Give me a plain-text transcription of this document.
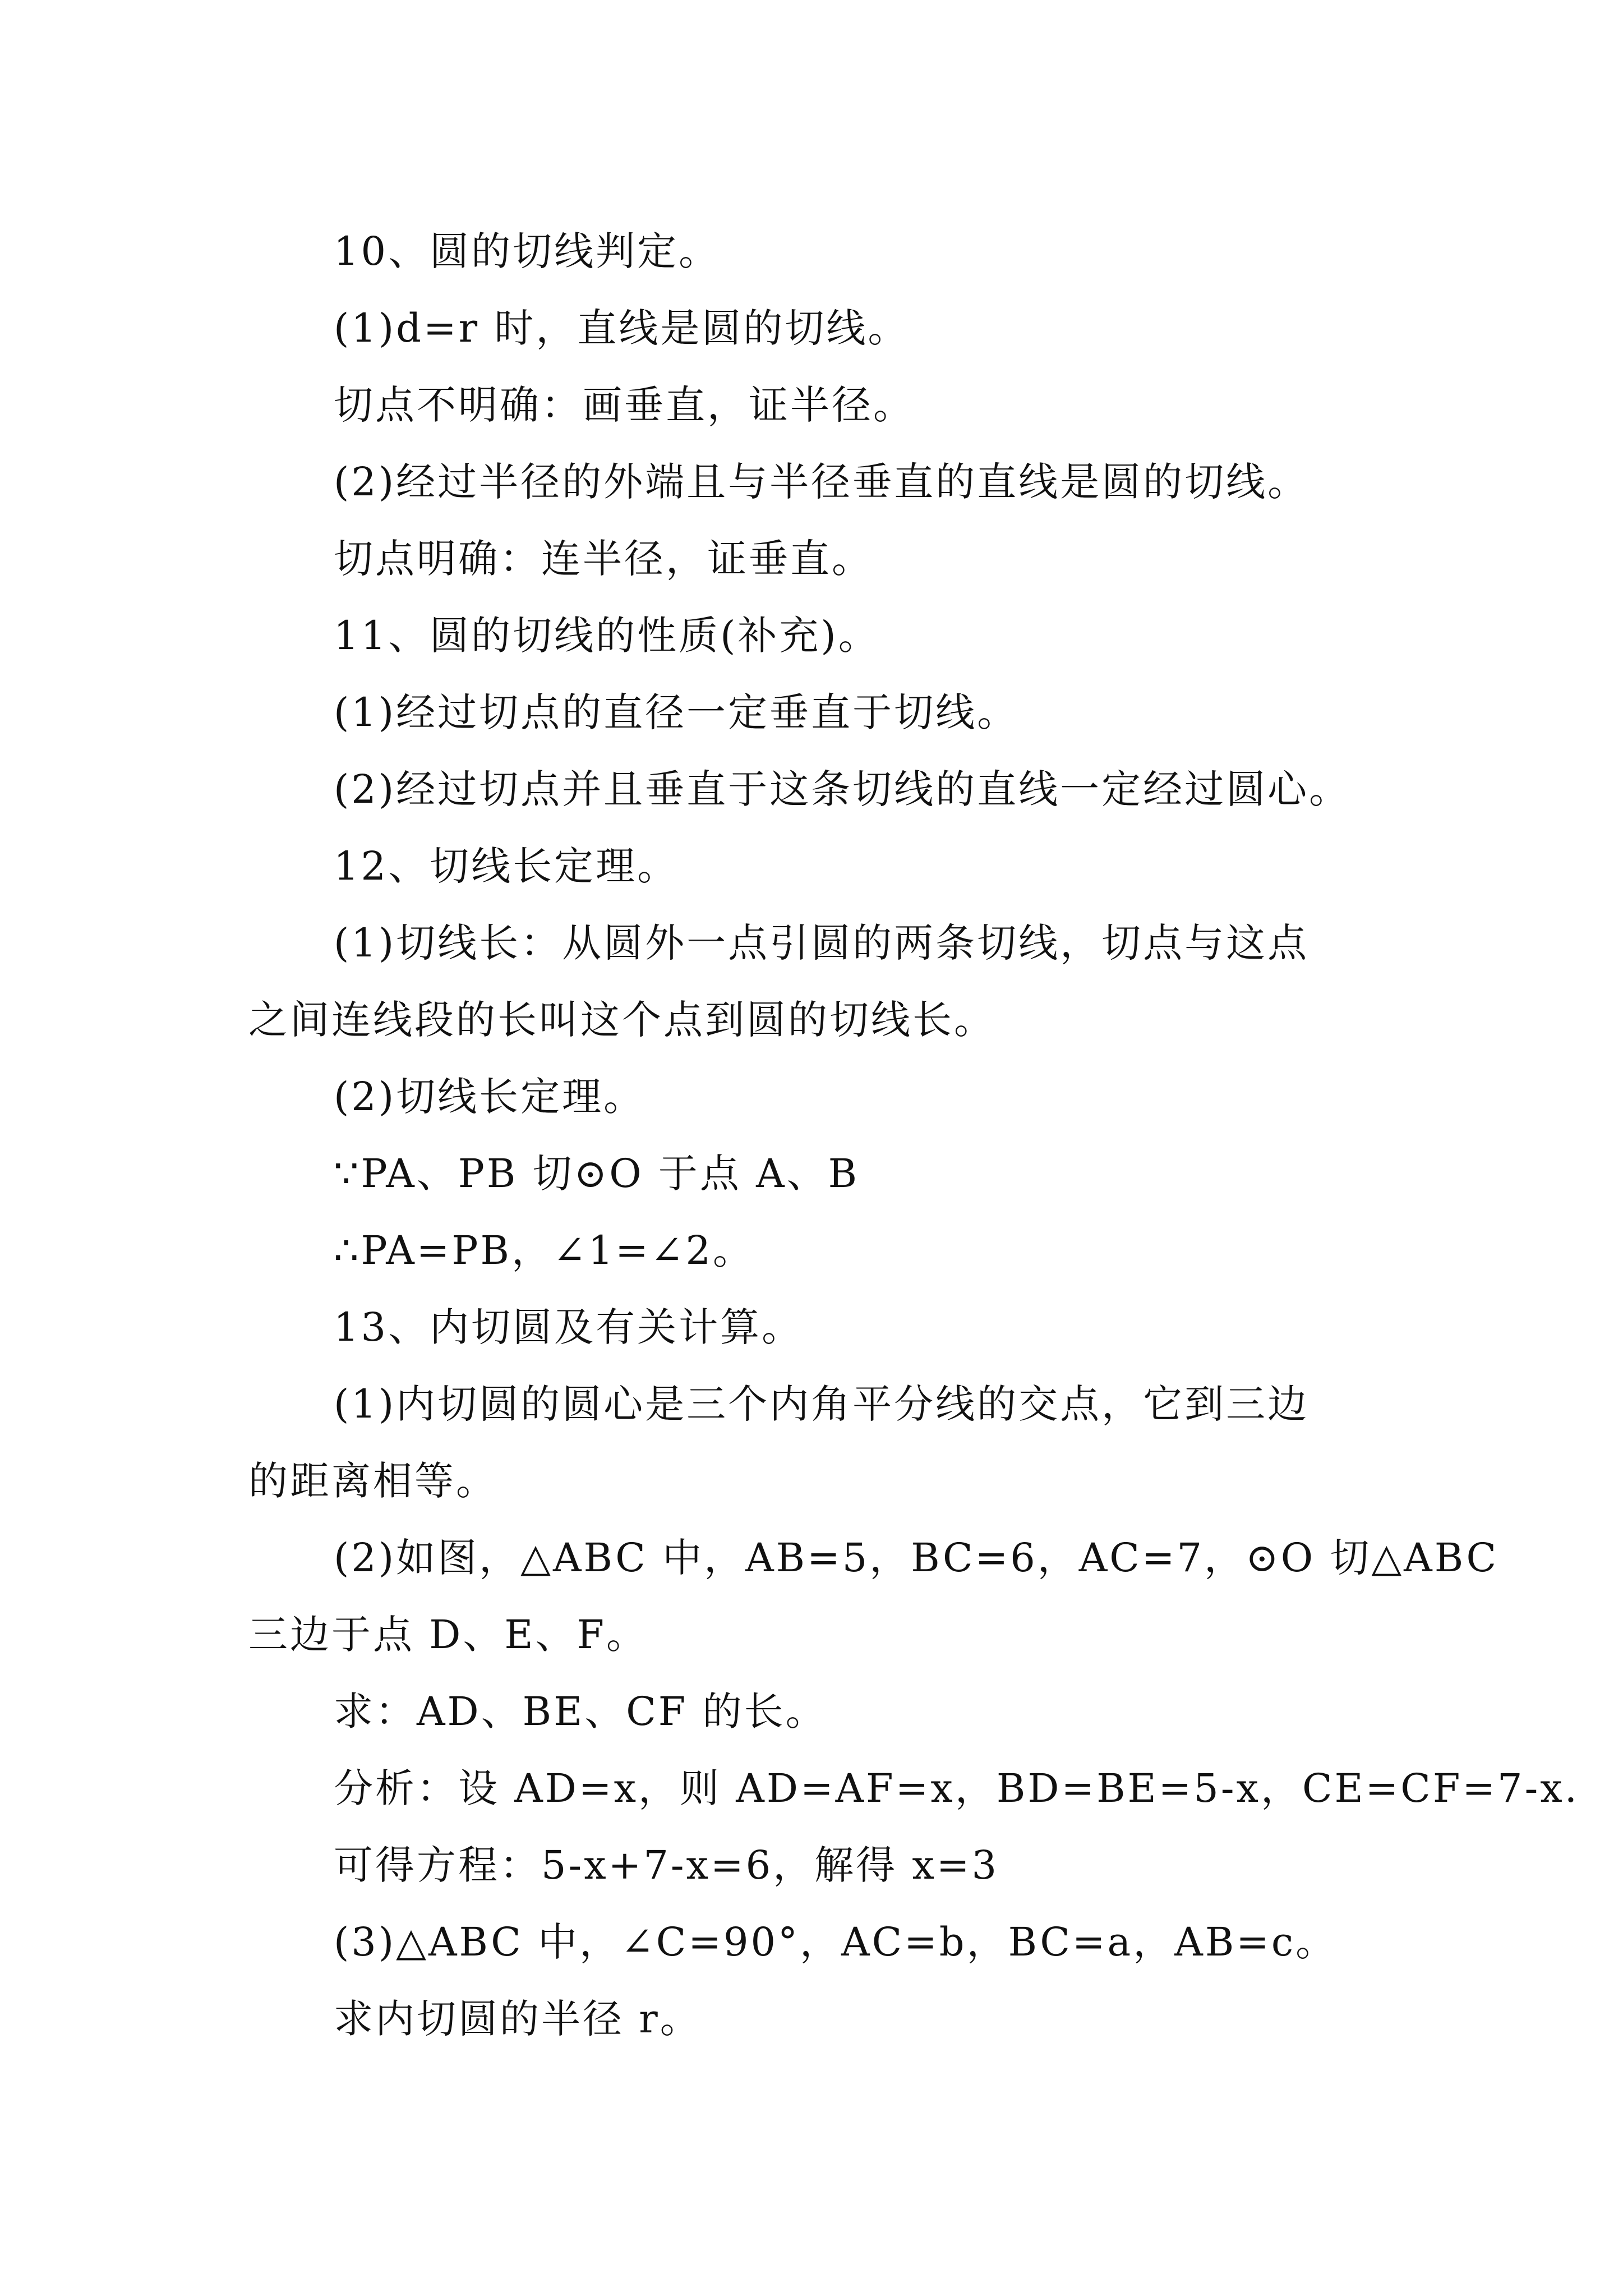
10、圆的切线判定。
(1)d=r 时，直线是圆的切线。
切点不明确：画垂直，证半径。
(2)经过半径的外端且与半径垂直的直线是圆的切线。
切点明确：连半径，证垂直。
11、圆的切线的性质(补充)。
(1)经过切点的直径一定垂直于切线。
(2)经过切点并且垂直于这条切线的直线一定经过圆心。
12、切线长定理。
(1)切线长：从圆外一点引圆的两条切线，切点与这点
之间连线段的长叫这个点到圆的切线长。
(2)切线长定理。
∵PA、PB 切⊙O 于点 A、B
∴PA=PB，∠1=∠2。
13、内切圆及有关计算。
(1)内切圆的圆心是三个内角平分线的交点，它到三边
的距离相等。
(2)如图，△ABC 中，AB=5，BC=6，AC=7，⊙O 切△ABC
三边于点 D、E、F。
求：AD、BE、CF 的长。
分析：设 AD=x，则 AD=AF=x，BD=BE=5-x，CE=CF=7-x.
可得方程：5-x+7-x=6，解得 x=3
(3)△ABC 中，∠C=90°，AC=b，BC=a，AB=c。
求内切圆的半径 r。
